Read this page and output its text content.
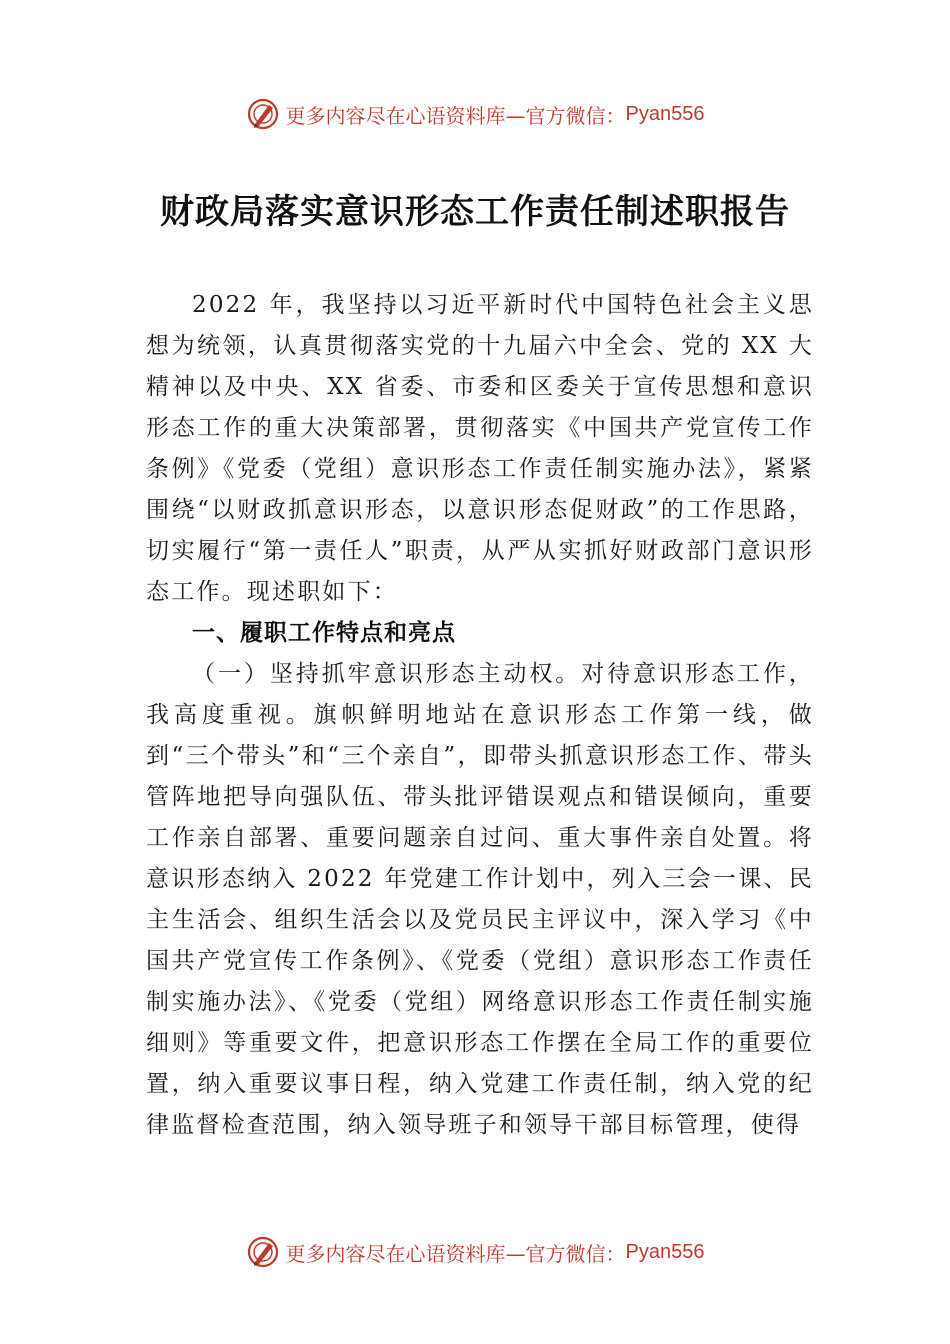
更多内容尽在心语资料库—官方微信： Pyan556
财政局落实意识形态工作责任制述职报告

2022 年，我坚持以习近平新时代中国特色社会主义思想为统领，认真贯彻落实党的十九届六中全会、党的 XX 大精神以及中央、XX 省委、市委和区委关于宣传思想和意识形态工作的重大决策部署，贯彻落实《中国共产党宣传工作条例》《党委（党组）意识形态工作责任制实施办法》，紧紧围绕“以财政抓意识形态，以意识形态促财政”的工作思路，切实履行“第一责任人”职责，从严从实抓好财政部门意识形态工作。现述职如下：

一、履职工作特点和亮点

（一）坚持抓牢意识形态主动权。对待意识形态工作，我高度重视。旗帜鲜明地站在意识形态工作第一线，做到“三个带头”和“三个亲自”，即带头抓意识形态工作、带头管阵地把导向强队伍、带头批评错误观点和错误倾向，重要工作亲自部署、重要问题亲自过问、重大事件亲自处置。将意识形态纳入 2022 年党建工作计划中，列入三会一课、民主生活会、组织生活会以及党员民主评议中，深入学习《中国共产党宣传工作条例》、《党委（党组）意识形态工作责任制实施办法》、《党委（党组）网络意识形态工作责任制实施细则》等重要文件，把意识形态工作摆在全局工作的重要位置，纳入重要议事日程，纳入党建工作责任制，纳入党的纪律监督检查范围，纳入领导班子和领导干部目标管理，使得

更多内容尽在心语资料库—官方微信： Pyan556
